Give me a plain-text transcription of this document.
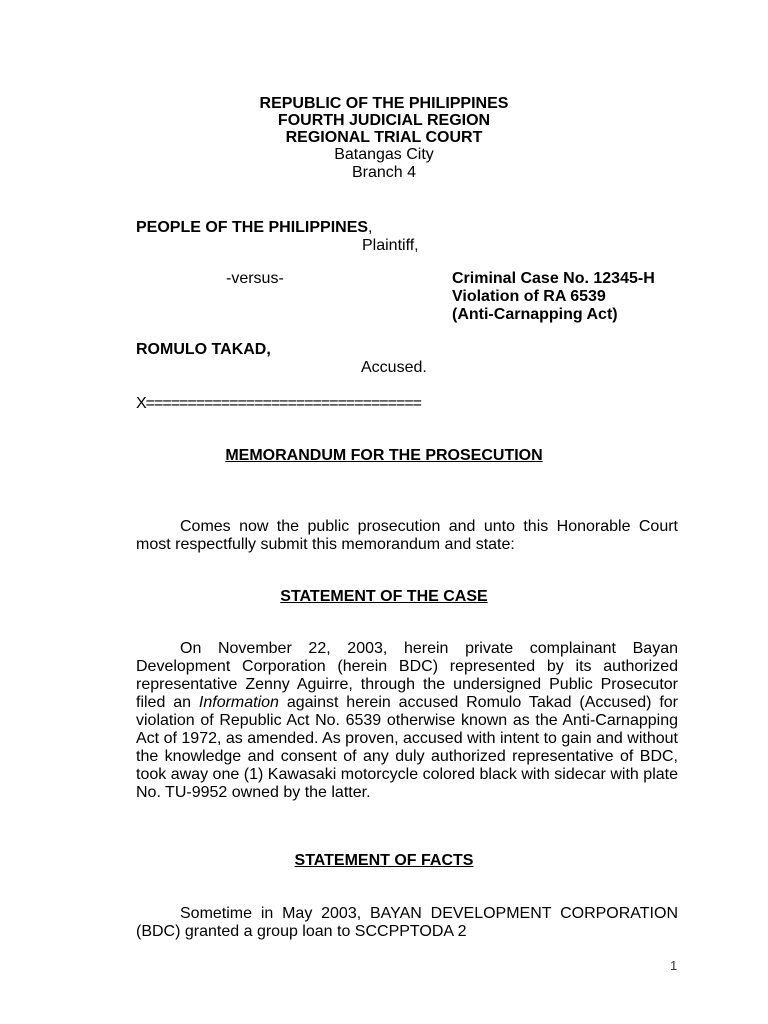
REPUBLIC OF THE PHILIPPINES
FOURTH JUDICIAL REGION
REGIONAL TRIAL COURT
Batangas City
Branch 4
PEOPLE OF THE PHILIPPINES,
Plaintiff,
-versus-	Criminal Case No. 12345-H
Violation of RA 6539
(Anti-Carnapping Act)
ROMULO TAKAD,
Accused.
X=================================
MEMORANDUM FOR THE PROSECUTION
Comes now the public prosecution and unto this Honorable Court most respectfully submit this memorandum and state:
STATEMENT OF THE CASE
On November 22, 2003, herein private complainant Bayan Development Corporation (herein BDC) represented by its authorized representative Zenny Aguirre, through the undersigned Public Prosecutor filed an Information against herein accused Romulo Takad (Accused) for violation of Republic Act No. 6539 otherwise known as the Anti-Carnapping Act of 1972, as amended. As proven, accused with intent to gain and without the knowledge and consent of any duly authorized representative of BDC, took away one (1) Kawasaki motorcycle colored black with sidecar with plate No. TU-9952 owned by the latter.
STATEMENT OF FACTS
Sometime in May 2003, BAYAN DEVELOPMENT CORPORATION (BDC) granted a group loan to SCCPPTODA 2
1
